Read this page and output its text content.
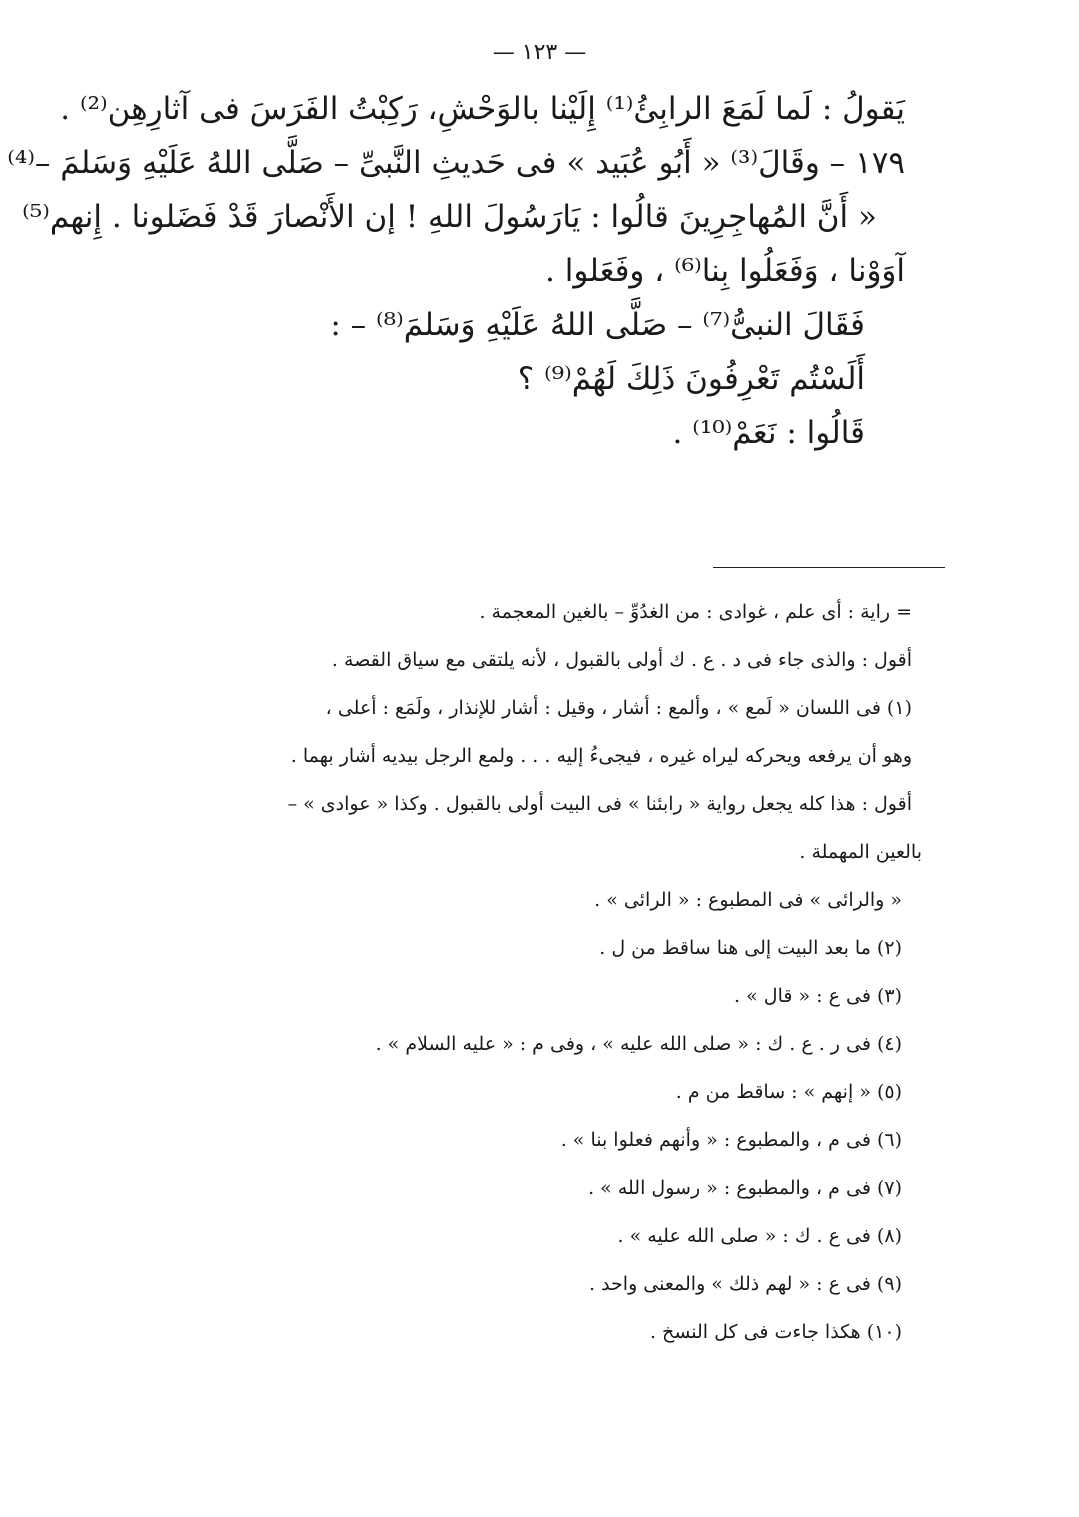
— ١٢٣ —
يَقولُ : لَما لَمَعَ الرابِئُ⁽¹⁾ إِلَيْنا بالوَحْشِ، رَكِبْتُ الفَرَسَ فى آثارِهِن⁽²⁾ .
١٧٩ – وقَالَ⁽³⁾ « أَبُو عُبَيد » فى حَديثِ النَّبىِّ – صَلَّى اللهُ عَلَيْهِ وَسَلمَ –⁽⁴⁾
« أَنَّ المُهاجِرِينَ قالُوا : يَارَسُولَ اللهِ ! إن الأَنْصارَ قَدْ فَضَلونا . إِنهم⁽⁵⁾
آوَوْنا ، وَفَعَلُوا بِنا⁽⁶⁾ ، وفَعَلوا .
فَقَالَ النبىُّ⁽⁷⁾ – صَلَّى اللهُ عَلَيْهِ وَسَلمَ⁽⁸⁾ – :
أَلَسْتُم تَعْرِفُونَ ذَلِكَ لَهُمْ⁽⁹⁾ ؟
قَالُوا : نَعَمْ⁽¹⁰⁾ .
= راية : أى علم ، غوادى : من الغدُوِّ – بالغين المعجمة .
أقول : والذى جاء فى د . ع . ك أولى بالقبول ، لأنه يلتقى مع سياق القصة .
(١) فى اللسان « لَمع » ، وألمع : أشار ، وقيل : أشار للإنذار ، ولَمَع : أعلى ،
وهو أن يرفعه ويحركه ليراه غيره ، فيجىءُ إليه . . . ولمع الرجل بيديه أشار بهما .
أقول : هذا كله يجعل رواية « رابئنا » فى البيت أولى بالقبول . وكذا « عوادى » –
بالعين المهملة .
« والرائى » فى المطبوع : « الرائى » .
(٢) ما بعد البيت إلى هنا ساقط من ل .
(٣) فى ع : « قال » .
(٤) فى ر . ع . ك : « صلى الله عليه » ، وفى م : « عليه السلام » .
(٥) « إنهم » : ساقط من م .
(٦) فى م ، والمطبوع : « وأنهم فعلوا بنا » .
(٧) فى م ، والمطبوع : « رسول الله » .
(٨) فى ع . ك : « صلى الله عليه » .
(٩) فى ع : « لهم ذلك » والمعنى واحد .
(١٠) هكذا جاءت فى كل النسخ .
